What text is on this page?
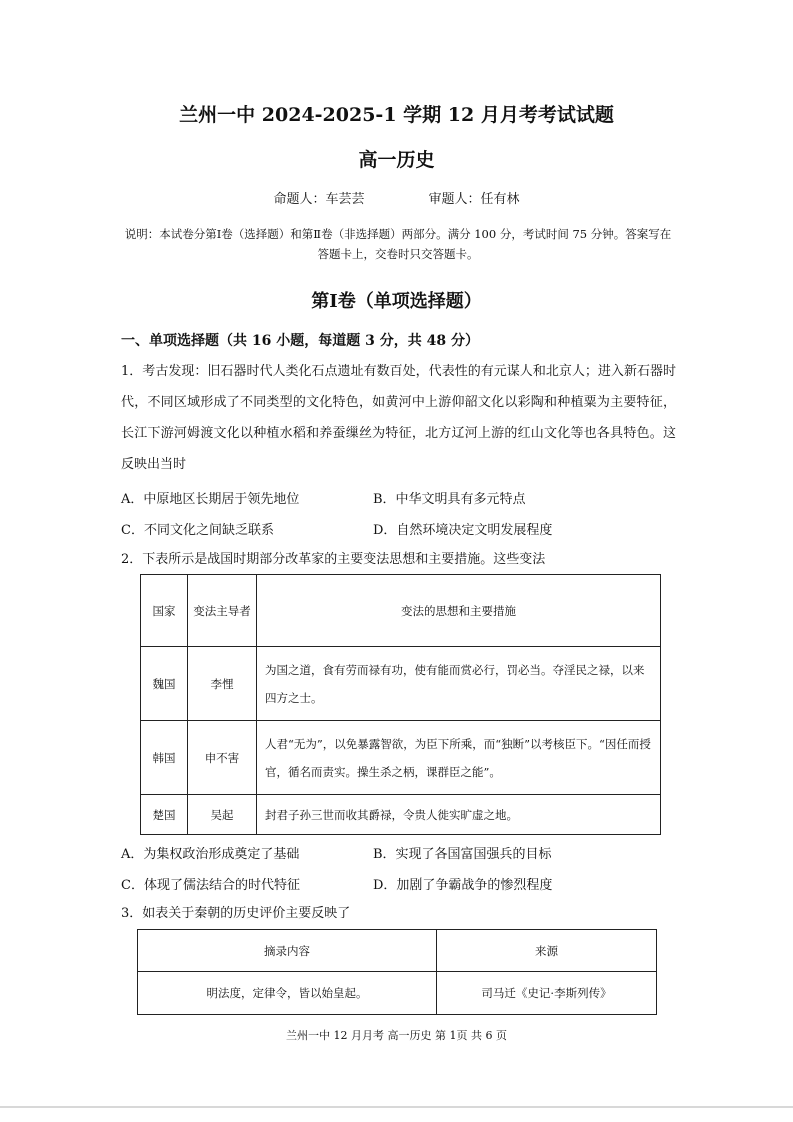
兰州一中 2024-2025-1 学期 12 月月考考试试题
高一历史
命题人：车芸芸	审题人：任有林
说明：本试卷分第Ⅰ卷（选择题）和第Ⅱ卷（非选择题）两部分。满分 100 分，考试时间 75 分钟。答案写在答题卡上，交卷时只交答题卡。
第Ⅰ卷（单项选择题）
一、单项选择题（共 16 小题，每道题 3 分，共 48 分）
1．考古发现：旧石器时代人类化石点遗址有数百处，代表性的有元谋人和北京人；进入新石器时代，不同区域形成了不同类型的文化特色，如黄河中上游仰韶文化以彩陶和种植粟为主要特征，长江下游河姆渡文化以种植水稻和养蚕缫丝为特征，北方辽河上游的红山文化等也各具特色。这反映出当时
A．中原地区长期居于领先地位	B．中华文明具有多元特点
C．不同文化之间缺乏联系	D．自然环境决定文明发展程度
2．下表所示是战国时期部分改革家的主要变法思想和主要措施。这些变法
国家	变法主导者	变法的思想和主要措施
魏国	李悝	为国之道，食有劳而禄有功，使有能而赏必行，罚必当。夺淫民之禄，以来四方之士。
韩国	申不害	人君“无为”，以免暴露智欲，为臣下所乘，而“独断”以考核臣下。“因任而授官，循名而责实。操生杀之柄，课群臣之能”。
楚国	吴起	封君子孙三世而收其爵禄，令贵人徙实旷虚之地。
A．为集权政治形成奠定了基础	B．实现了各国富国强兵的目标
C．体现了儒法结合的时代特征	D．加剧了争霸战争的惨烈程度
3．如表关于秦朝的历史评价主要反映了
摘录内容	来源
明法度，定律令，皆以始皇起。	司马迁《史记·李斯列传》
兰州一中 12 月月考 高一历史 第 1页 共 6 页
